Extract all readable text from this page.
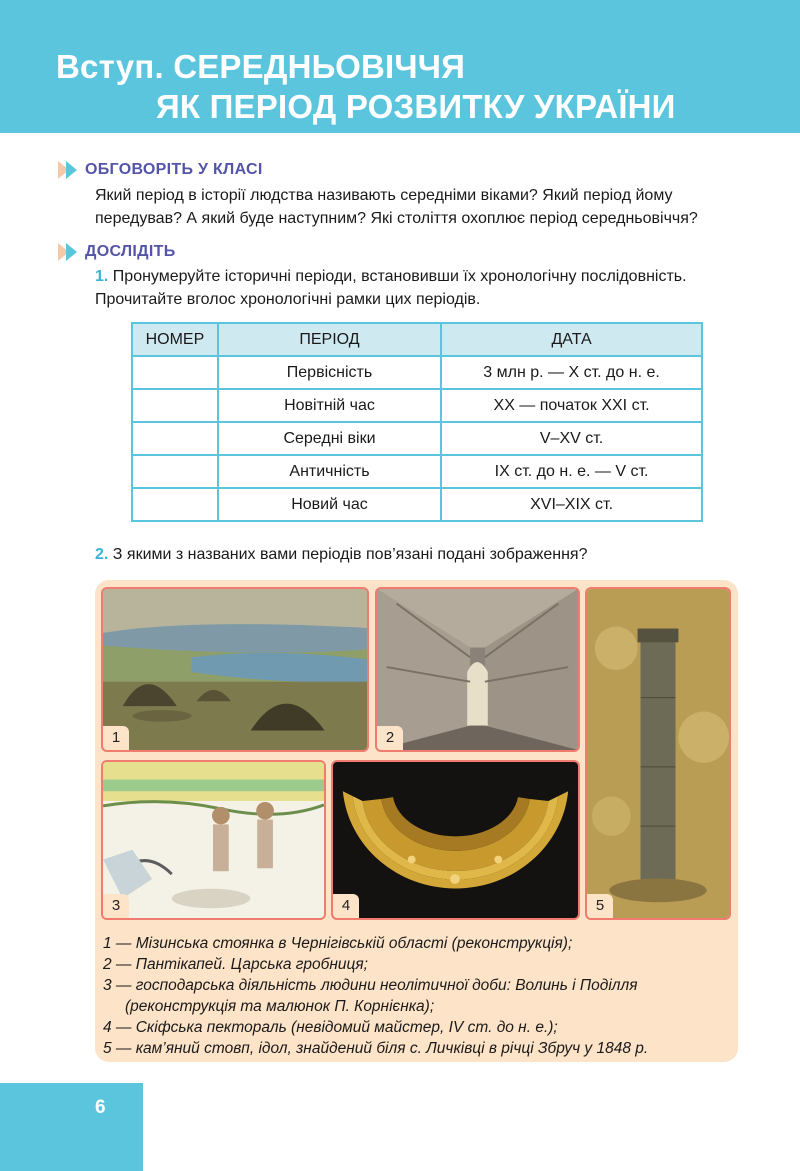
Вступ. СЕРЕДНЬОВІЧЧЯ
ЯК ПЕРІОД РОЗВИТКУ УКРАЇНИ
ОБГОВОРІТЬ У КЛАСІ
Який період в історії людства називають середніми віками? Який період йому передував? А який буде наступним? Які століття охоплює період середньовіччя?
ДОСЛІДІТЬ
1. Пронумеруйте історичні періоди, встановивши їх хронологічну послідовність. Прочитайте вголос хронологічні рамки цих періодів.
НОМЕР	ПЕРІОД	ДАТА
	Первісність	3 млн р. — Х ст. до н. е.
	Новітній час	ХХ — початок ХХІ ст.
	Середні віки	V–XV ст.
	Античність	IX ст. до н. е. — V ст.
	Новий час	XVI–XIX ст.
2. З якими з названих вами періодів пов’язані подані зображення?
1	2
5
3	4
1 — Мізинська стоянка в Чернігівській області (реконструкція);
2 — Пантікапей. Царська гробниця;
3 — господарська діяльність людини неолітичної доби: Волинь і Поділля
(реконструкція та малюнок П. Корнієнка);
4 — Скіфська пектораль (невідомий майстер, IV ст. до н. е.);
5 — кам’яний стовп, ідол, знайдений біля с. Личківці в річці Збруч у 1848 р.
6
